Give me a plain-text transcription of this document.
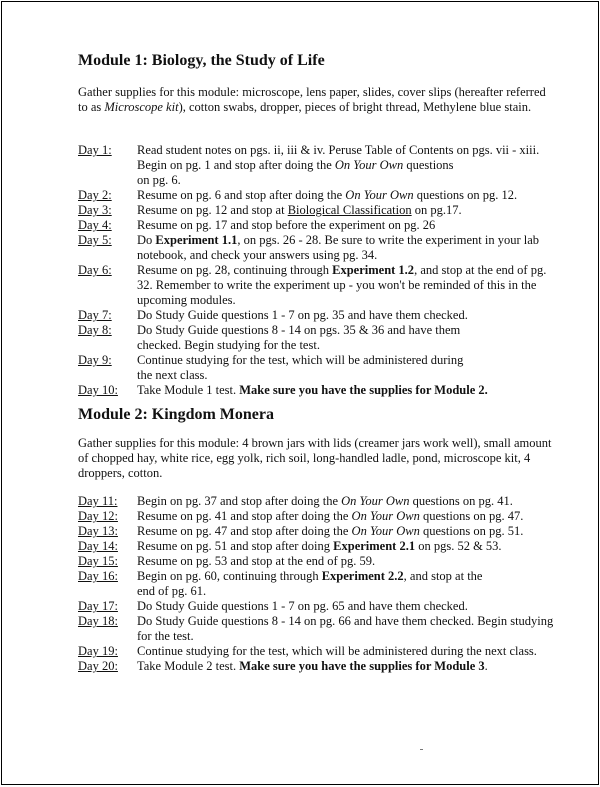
Module 1: Biology, the Study of Life

Gather supplies for this module: microscope, lens paper, slides, cover slips (hereafter referred to as Microscope kit), cotton swabs, dropper, pieces of bright thread, Methylene blue stain.

Day 1:	Read student notes on pgs. ii, iii & iv. Peruse Table of Contents on pgs. vii - xiii. Begin on pg. 1 and stop after doing the On Your Own questions
on pg. 6.
Day 2:	Resume on pg. 6 and stop after doing the On Your Own questions on pg. 12.
Day 3:	Resume on pg. 12 and stop at Biological Classification on pg.17.
Day 4:	Resume on pg. 17 and stop before the experiment on pg. 26
Day 5:	Do Experiment 1.1, on pgs. 26 - 28. Be sure to write the experiment in your lab notebook, and check your answers using pg. 34.
Day 6:	Resume on pg. 28, continuing through Experiment 1.2, and stop at the end of pg. 32. Remember to write the experiment up - you won't be reminded of this in the upcoming modules.
Day 7:	Do Study Guide questions 1 - 7 on pg. 35 and have them checked.
Day 8:	Do Study Guide questions 8 - 14 on pgs. 35 & 36 and have them
checked. Begin studying for the test.
Day 9:	Continue studying for the test, which will be administered during
the next class.
Day 10:	Take Module 1 test. Make sure you have the supplies for Module 2.
Module 2: Kingdom Monera

Gather supplies for this module: 4 brown jars with lids (creamer jars work well), small amount of chopped hay, white rice, egg yolk, rich soil, long-handled ladle, pond, microscope kit, 4 droppers, cotton.

Day 11:	Begin on pg. 37 and stop after doing the On Your Own questions on pg. 41.
Day 12:	Resume on pg. 41 and stop after doing the On Your Own questions on pg. 47.
Day 13:	Resume on pg. 47 and stop after doing the On Your Own questions on pg. 51.
Day 14:	Resume on pg. 51 and stop after doing Experiment 2.1 on pgs. 52 & 53.
Day 15:	Resume on pg. 53 and stop at the end of pg. 59.
Day 16:	Begin on pg. 60, continuing through Experiment 2.2, and stop at the
end of pg. 61.
Day 17:	Do Study Guide questions 1 - 7 on pg. 65 and have them checked.
Day 18:	Do Study Guide questions 8 - 14 on pg. 66 and have them checked. Begin studying for the test.
Day 19:	Continue studying for the test, which will be administered during the next class.
Day 20:	Take Module 2 test. Make sure you have the supplies for Module 3.
